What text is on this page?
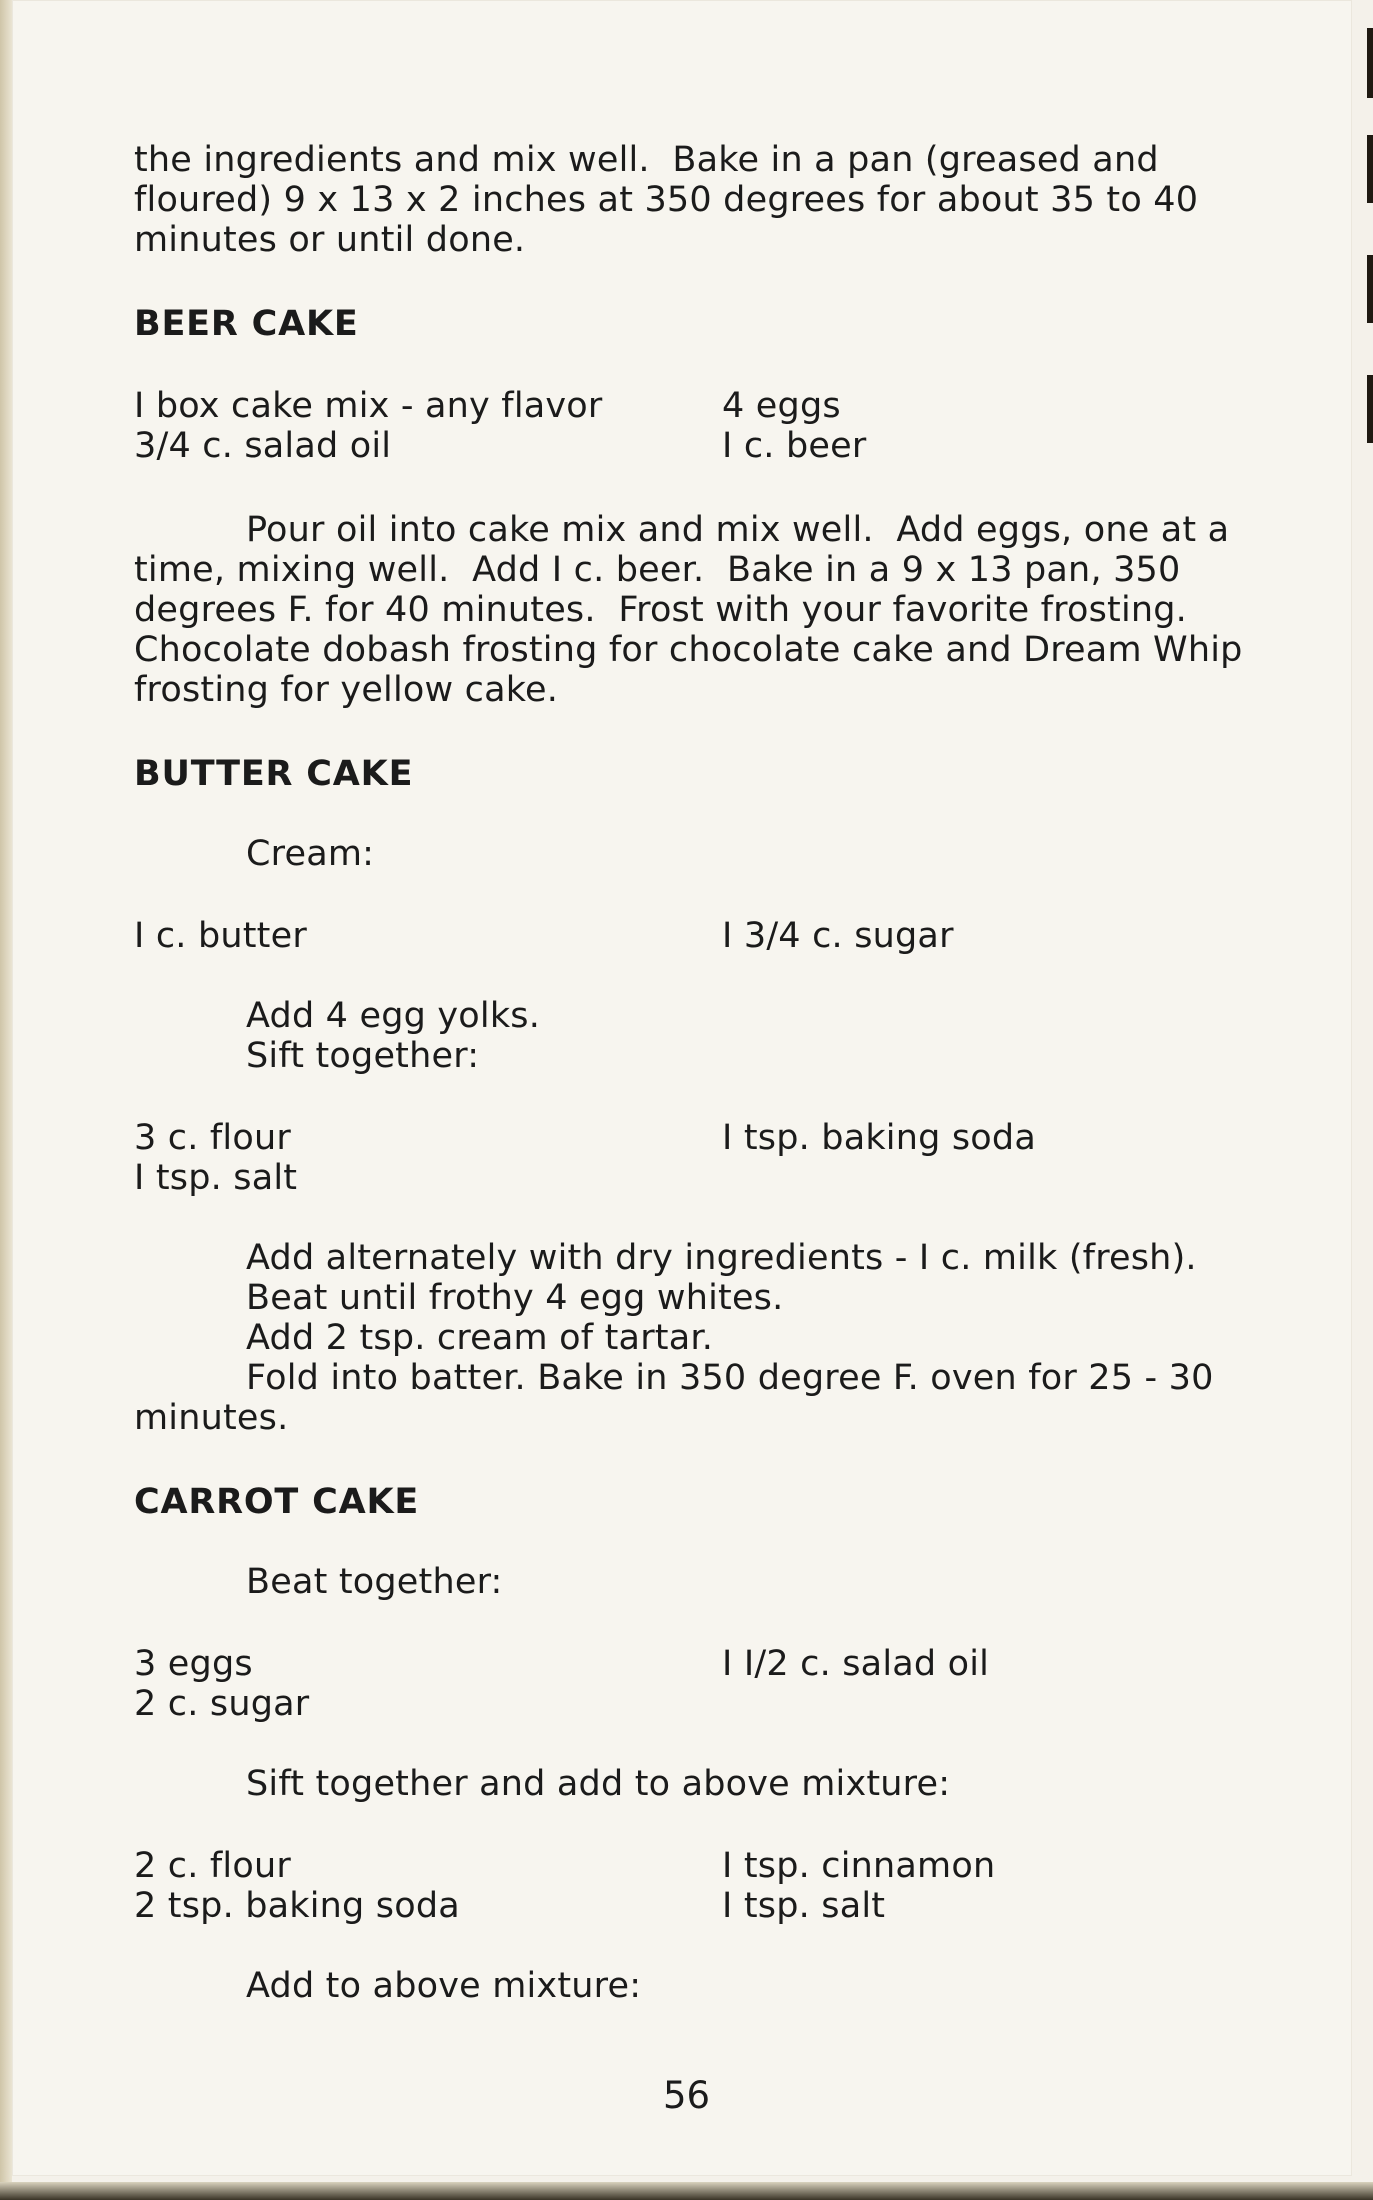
the ingredients and mix well.  Bake in a pan (greased and floured) 9 x 13 x 2 inches at 350 degrees for about 35 to 40 minutes or until done.

BEER CAKE
I box cake mix - any flavor
3/4 c. salad oil
4 eggs
I c. beer

Pour oil into cake mix and mix well.  Add eggs, one at a time, mixing well.  Add I c. beer.  Bake in a 9 x 13 pan, 350 degrees F. for 40 minutes.  Frost with your favorite frosting. Chocolate dobash frosting for chocolate cake and Dream Whip frosting for yellow cake.

BUTTER CAKE
Cream:
I c. butter	I 3/4 c. sugar
Add 4 egg yolks.
Sift together:
3 c. flour
I tsp. salt
I tsp. baking soda
Add alternately with dry ingredients - I c. milk (fresh).
Beat until frothy 4 egg whites.
Add 2 tsp. cream of tartar.
Fold into batter. Bake in 350 degree F. oven for 25 - 30 minutes.
CARROT CAKE
Beat together:
3 eggs
2 c. sugar
I I/2 c. salad oil
Sift together and add to above mixture:
2 c. flour
2 tsp. baking soda
I tsp. cinnamon
I tsp. salt
Add to above mixture:
56
